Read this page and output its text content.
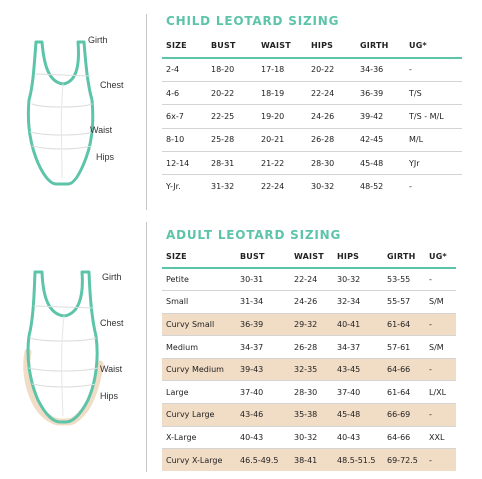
Girth
Chest
Waist
Hips
CHILD LEOTARD SIZING
SIZE	BUST	WAIST	HIPS	GIRTH	UG*
2-4	18-20	17-18	20-22	34-36	-
4-6	20-22	18-19	22-24	36-39	T/S
6x-7	22-25	19-20	24-26	39-42	T/S - M/L
8-10	25-28	20-21	26-28	42-45	M/L
12-14	28-31	21-22	28-30	45-48	YJr
Y-Jr.	31-32	22-24	30-32	48-52	-
Girth
Chest
Waist
Hips
ADULT LEOTARD SIZING
SIZE	BUST	WAIST	HIPS	GIRTH	UG*
Petite	30-31	22-24	30-32	53-55	-
Small	31-34	24-26	32-34	55-57	S/M
Curvy Small	36-39	29-32	40-41	61-64	-
Medium	34-37	26-28	34-37	57-61	S/M
Curvy Medium	39-43	32-35	43-45	64-66	-
Large	37-40	28-30	37-40	61-64	L/XL
Curvy Large	43-46	35-38	45-48	66-69	-
X-Large	40-43	30-32	40-43	64-66	XXL
Curvy X-Large	46.5-49.5	38-41	48.5-51.5	69-72.5	-
